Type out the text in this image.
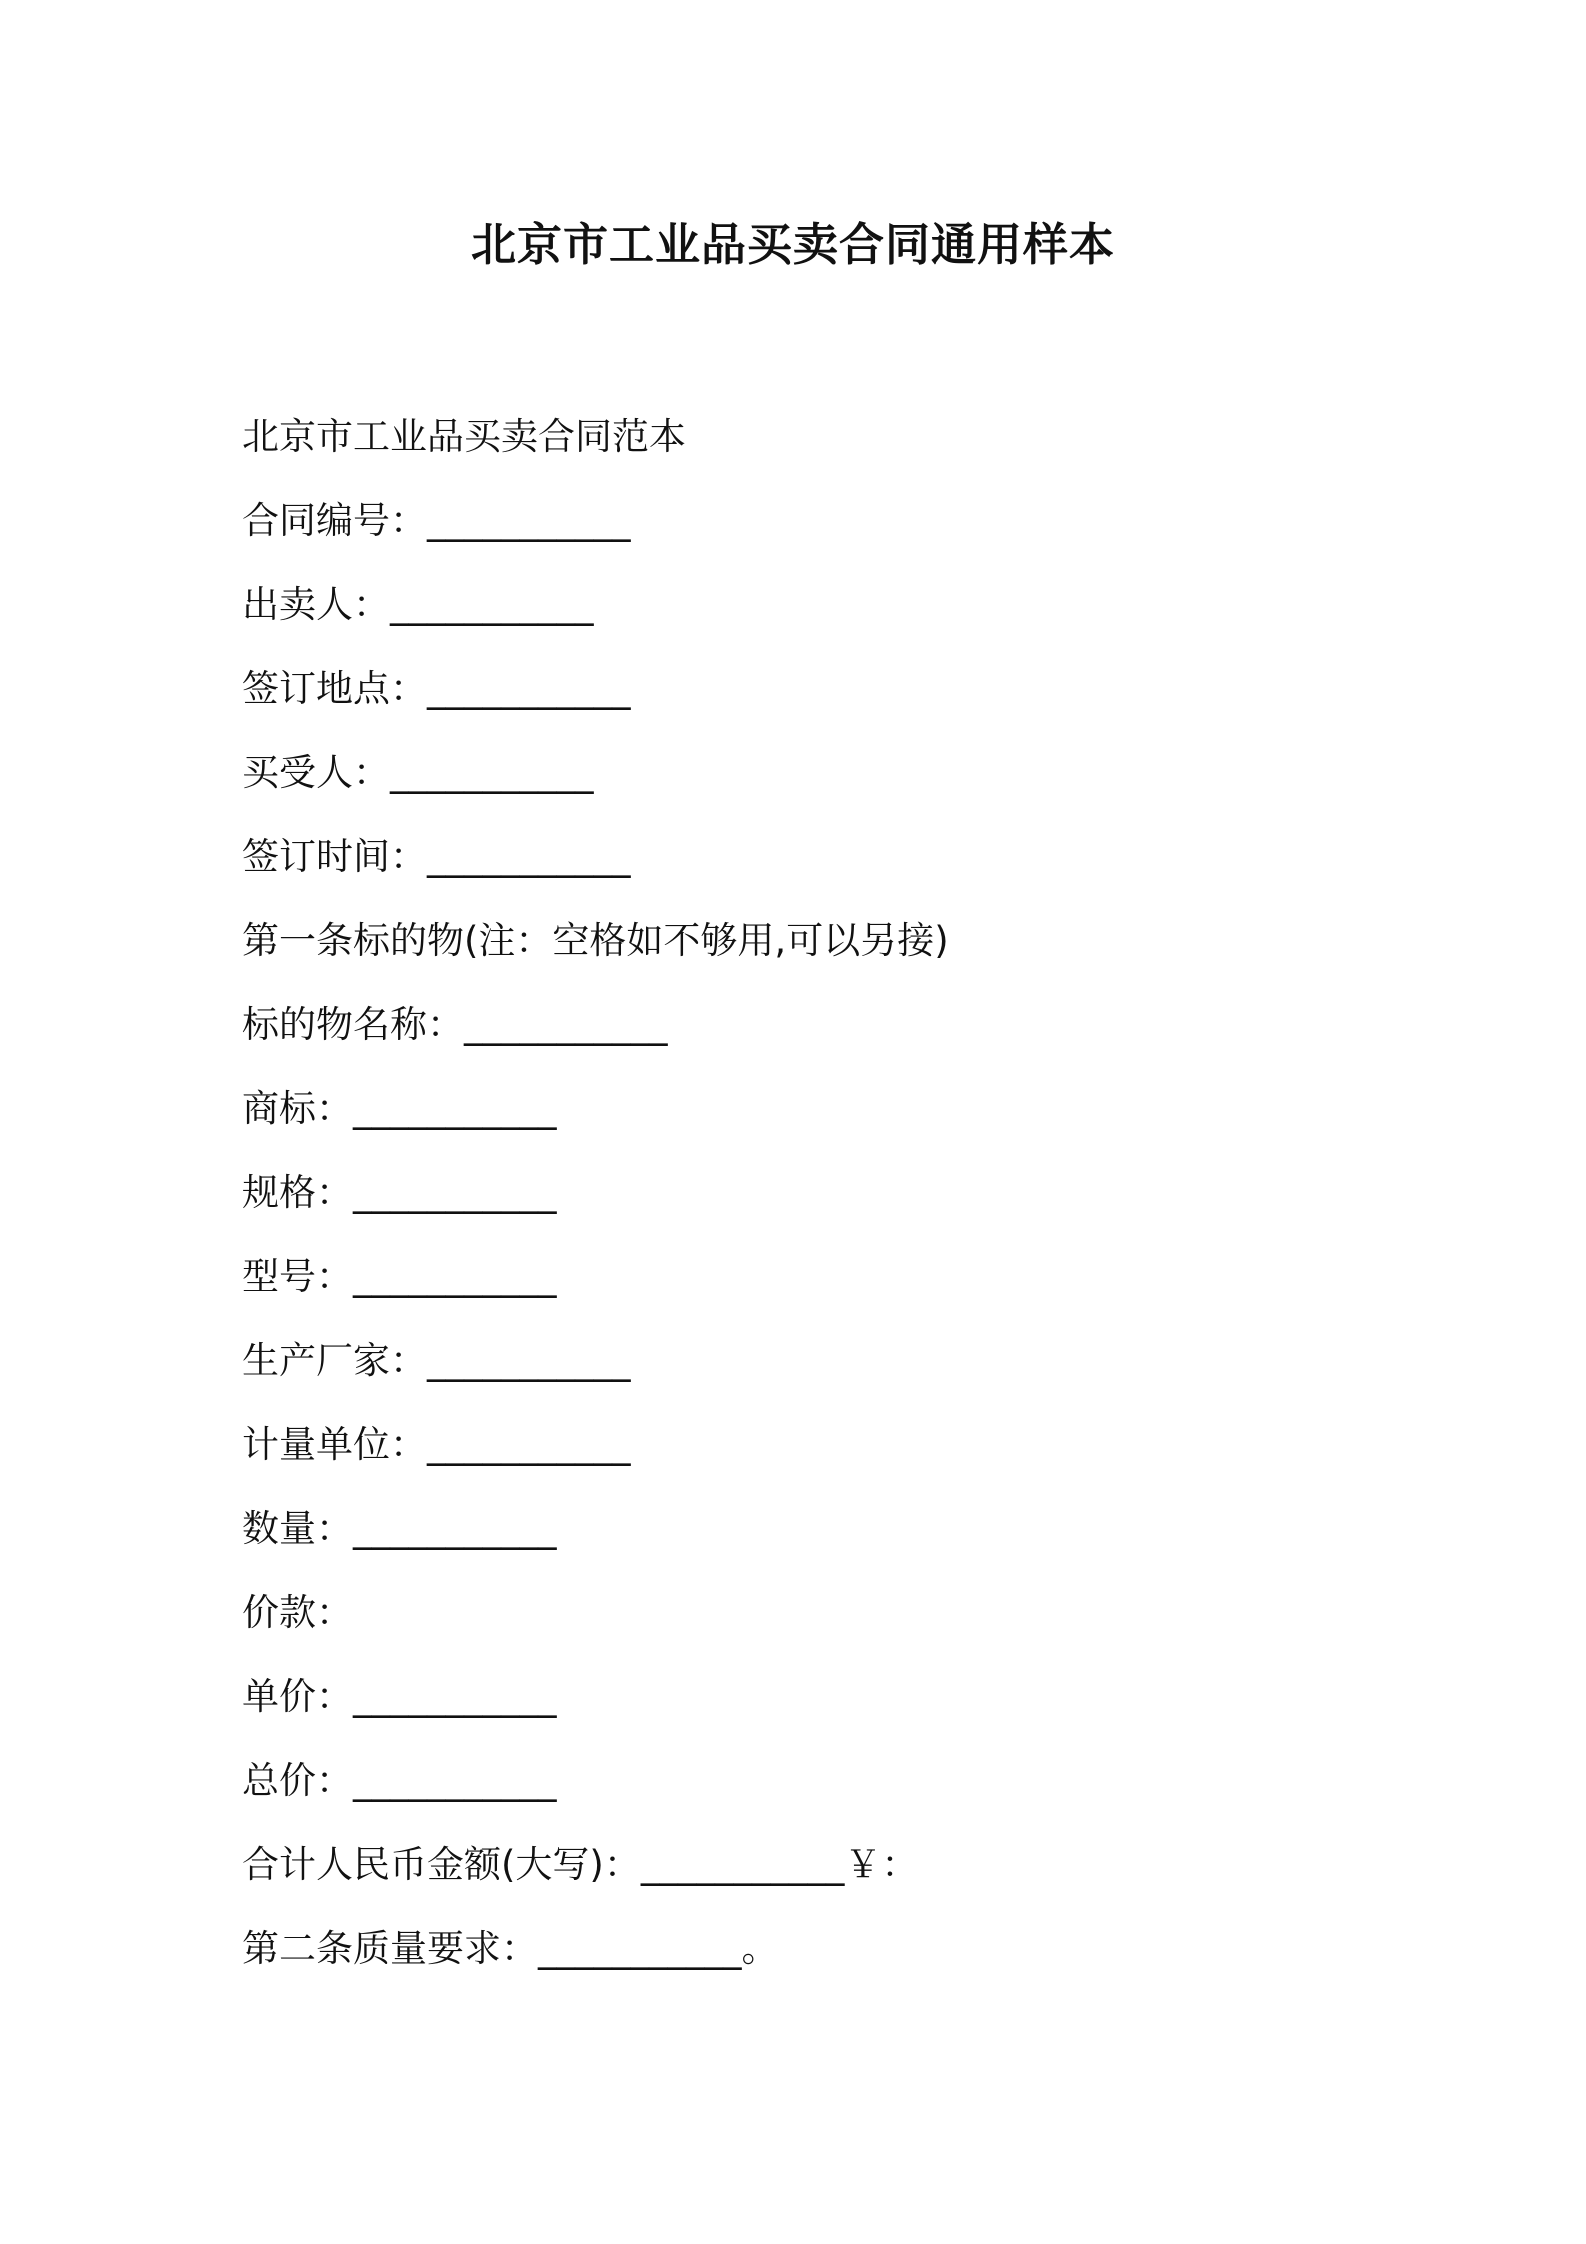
北京市工业品买卖合同通用样本
北京市工业品买卖合同范本
合同编号：___________
出卖人：___________
签订地点：___________
买受人：___________
签订时间：___________
第一条标的物(注：空格如不够用,可以另接)
标的物名称：___________
商标：___________
规格：___________
型号：___________
生产厂家：___________
计量单位：___________
数量：___________
价款：
单价：___________
总价：___________
合计人民币金额(大写)：___________￥：
第二条质量要求：___________。
